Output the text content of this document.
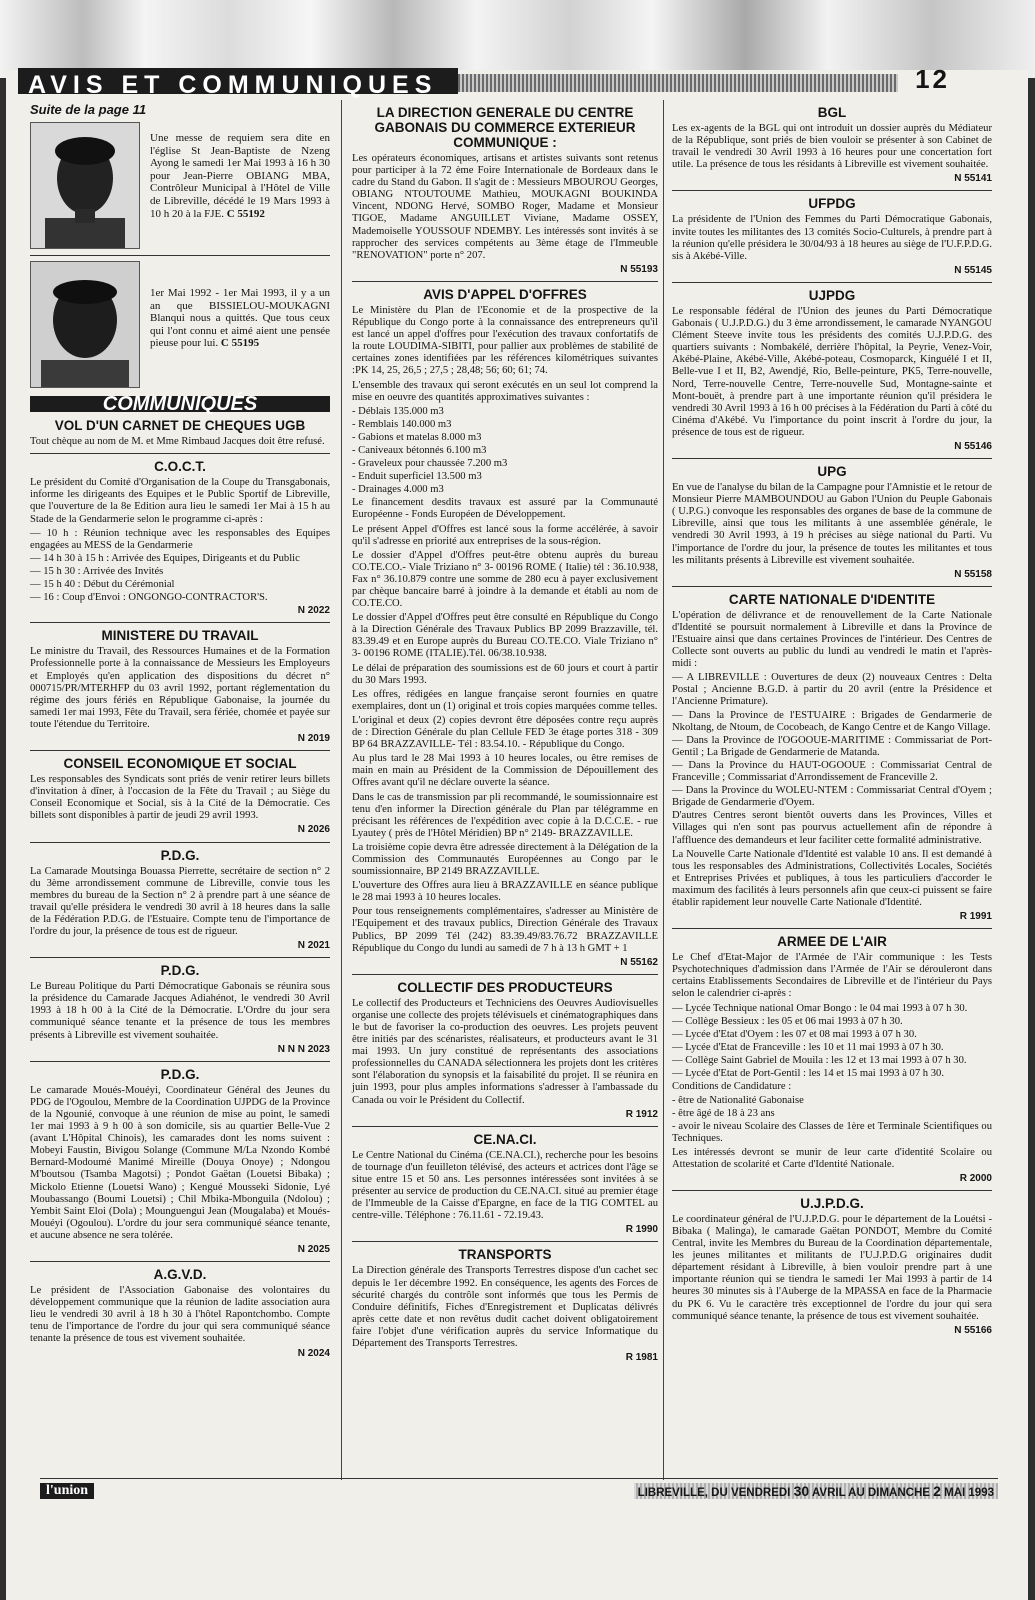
AVIS ET COMMUNIQUES	12
Suite de la page 11
Une messe de requiem sera dite en l'église St Jean-Baptiste de Nzeng Ayong le samedi 1er Mai 1993 à 16 h 30 pour Jean-Pierre OBIANG MBA, Contrôleur Municipal à l'Hôtel de Ville de Libreville, décédé le 19 Mars 1993 à 10 h 20 à la FJE. C 55192
1er Mai 1992 - 1er Mai 1993, il y a un an que BISSIELOU-MOUKAGNI Blanqui nous a quittés. Que tous ceux qui l'ont connu et aimé aient une pensée pieuse pour lui. C 55195
COMMUNIQUÉS
VOL D'UN CARNET DE CHEQUES UGB

Tout chèque au nom de M. et Mme Rimbaud Jacques doit être refusé.

C.O.C.T.

Le président du Comité d'Organisation de la Coupe du Transgabonais, informe les dirigeants des Equipes et le Public Sportif de Libreville, que l'ouverture de la 8e Edition aura lieu le samedi 1er Mai à 15 h au Stade de la Gendarmerie selon le programme ci-après :

— 10 h : Réunion technique avec les responsables des Equipes engagées au MESS de la Gendarmerie
— 14 h 30 à 15 h : Arrivée des Equipes, Dirigeants et du Public
— 15 h 30 : Arrivée des Invités
— 15 h 40 : Début du Cérémonial
— 16 : Coup d'Envoi : ONGONGO-CONTRACTOR'S.
N 2022
MINISTERE DU TRAVAIL

Le ministre du Travail, des Ressources Humaines et de la Formation Professionnelle porte à la connaissance de Messieurs les Employeurs et Employés qu'en application des dispositions du décret n° 000715/PR/MTERHFP du 03 avril 1992, portant réglementation du régime des jours fériés en République Gabonaise, la journée du samedi 1er mai 1993, Fête du Travail, sera fériée, chomée et payée sur toute l'étendue du Territoire.

N 2019
CONSEIL ECONOMIQUE ET SOCIAL

Les responsables des Syndicats sont priés de venir retirer leurs billets d'invitation à dîner, à l'occasion de la Fête du Travail ; au Siège du Conseil Economique et Social, sis à la Cité de la Démocratie. Ces billets sont disponibles à partir de jeudi 29 avril 1993.

N 2026
P.D.G.

La Camarade Moutsinga Bouassa Pierrette, secrétaire de section n° 2 du 3ème arrondissement commune de Libreville, convie tous les membres du bureau de la Section n° 2 à prendre part à une séance de travail qu'elle présidera le vendredi 30 avril à 18 heures dans la salle de la Fédération P.D.G. de l'Estuaire. Compte tenu de l'importance de l'ordre du jour, la présence de tous est de rigueur.

N 2021
P.D.G.

Le Bureau Politique du Parti Démocratique Gabonais se réunira sous la présidence du Camarade Jacques Adiahénot, le vendredi 30 Avril 1993 à 18 h 00 à la Cité de la Démocratie. L'Ordre du jour sera communiqué séance tenante et la présence de tous les membres présents à Libreville est vivement souhaitée.

N N N 2023
P.D.G.

Le camarade Moués-Mouéyi, Coordinateur Général des Jeunes du PDG de l'Ogoulou, Membre de la Coordination UJPDG de la Province de la Ngounié, convoque à une réunion de mise au point, le samedi 1er mai 1993 à 9 h 00 à son domicile, sis au quartier Belle-Vue 2 (avant L'Hôpital Chinois), les camarades dont les noms suivent : Mobeyi Faustin, Bivigou Solange (Commune M/La Nzondo Kombé Bernard-Modoumé Manimé Mireille (Douya Onoye) ; Ndongou M'boutsou (Tsamba Magotsi) ; Pondot Gaëtan (Louetsi Bibaka) ; Mickolo Etienne (Louetsi Wano) ; Kengué Mousseki Sidonie, Lyé Moubassango (Boumi Louetsi) ; Chil Mbika-Mbonguila (Ndolou) ; Yembit Saint Eloi (Dola) ; Mounguengui Jean (Mougalaba) et Moués-Mouéyi (Ogoulou). L'ordre du jour sera communiqué séance tenante, et aucune absence ne sera tolérée.

N 2025
A.G.V.D.

Le président de l'Association Gabonaise des volontaires du développement communique que la réunion de ladite association aura lieu le vendredi 30 avril à 18 h 30 à l'hôtel Rapontchombo. Compte tenu de l'importance de l'ordre du jour qui sera communiqué séance tenante la présence de tous est vivement souhaitée.

N 2024
LA DIRECTION GENERALE DU CENTRE GABONAIS DU COMMERCE EXTERIEUR COMMUNIQUE :

Les opérateurs économiques, artisans et artistes suivants sont retenus pour participer à la 72 ème Foire Internationale de Bordeaux dans le cadre du Stand du Gabon. Il s'agit de : Messieurs MBOUROU Georges, OBIANG NTOUTOUME Mathieu, MOUKAGNI BOUKINDA Vincent, NDONG Hervé, SOMBO Roger, Madame et Monsieur TIGOE, Madame ANGUILLET Viviane, Madame OSSEY, Mademoiselle YOUSSOUF NDEMBY. Les intéressés sont invités à se rapprocher des services compétents au 3ème étage de l'Immeuble "RENOVATION" porte n° 207.

N 55193
AVIS D'APPEL D'OFFRES

Le Ministère du Plan de l'Economie et de la prospective de la République du Congo porte à la connaissance des entrepreneurs qu'il est lancé un appel d'offres pour l'exécution des travaux confortatifs de la route LOUDIMA-SIBITI, pour pallier aux problèmes de stabilité de certaines zones identifiées par les références kilométriques suivantes :PK 14, 25, 26,5 ; 27,5 ; 28,48; 56; 60; 61; 74.

L'ensemble des travaux qui seront exécutés en un seul lot comprend la mise en oeuvre des quantités approximatives suivantes :

- Déblais 135.000 m3
- Remblais 140.000 m3
- Gabions et matelas 8.000 m3
- Caniveaux bétonnés 6.100 m3
- Graveleux pour chaussée 7.200 m3
- Enduit superficiel 13.500 m3
- Drainages 4.000 m3

Le financement desdits travaux est assuré par la Communauté Européenne - Fonds Européen de Développement.

Le présent Appel d'Offres est lancé sous la forme accélérée, à savoir qu'il s'adresse en priorité aux entreprises de la sous-région.

Le dossier d'Appel d'Offres peut-être obtenu auprès du bureau CO.TE.CO.- Viale Triziano n° 3- 00196 ROME ( Italie) tél : 36.10.938, Fax n° 36.10.879 contre une somme de 280 ecu à payer exclusivement par chèque bancaire barré à joindre à la demande et établi au nom de CO.TE.CO.

Le dossier d'Appel d'Offres peut être consulté en République du Congo à la Direction Générale des Travaux Publics BP 2099 Brazzaville, tél. 83.39.49 et en Europe auprès du Bureau CO.TE.CO. Viale Triziano n° 3- 00196 ROME (ITALIE).Tél. 06/38.10.938.

Le délai de préparation des soumissions est de 60 jours et court à partir du 30 Mars 1993.

Les offres, rédigées en langue française seront fournies en quatre exemplaires, dont un (1) original et trois copies marquées comme telles.

L'original et deux (2) copies devront être déposées contre reçu auprès de : Direction Générale du plan Cellule FED 3e étage portes 318 - 309 BP 64 BRAZZAVILLE- Tél : 83.54.10. - République du Congo.

Au plus tard le 28 Mai 1993 à 10 heures locales, ou être remises de main en main au Président de la Commission de Dépouillement des Offres avant qu'il ne déclare ouverte la séance.

Dans le cas de transmission par pli recommandé, le soumissionnaire est tenu d'en informer la Direction générale du Plan par télégramme en précisant les références de l'expédition avec copie à la D.C.C.E. - rue Lyautey ( près de l'Hôtel Méridien) BP n° 2149- BRAZZAVILLE.

La troisième copie devra être adressée directement à la Délégation de la Commission des Communautés Européennes au Congo par le soumissionnaire, BP 2149 BRAZZAVILLE.

L'ouverture des Offres aura lieu à BRAZZAVILLE en séance publique le 28 mai 1993 à 10 heures locales.

Pour tous renseignements complémentaires, s'adresser au Ministère de l'Equipement et des travaux publics, Direction Générale des Travaux Publics, BP 2099 Tél (242) 83.39.49/83.76.72 BRAZZAVILLE République du Congo du lundi au samedi de 7 h à 13 h GMT + 1

N 55162
COLLECTIF DES PRODUCTEURS

Le collectif des Producteurs et Techniciens des Oeuvres Audiovisuelles organise une collecte des projets télévisuels et cinématographiques dans le but de favoriser la co-production des oeuvres. Les projets peuvent être initiés par des scénaristes, réalisateurs, et producteurs avant le 31 mai 1993. Un jury constitué de représentants des associations professionnelles du CANADA sélectionnera les projets dont les critères sont l'élaboration du synopsis et la faisabilité du projet. Il se réunira en juin 1993, pour plus amples informations s'adresser à l'ambassade du Canada ou voir le Président du Collectif.

R 1912
CE.NA.CI.

Le Centre National du Cinéma (CE.NA.CI.), recherche pour les besoins de tournage d'un feuilleton télévisé, des acteurs et actrices dont l'âge se situe entre 15 et 50 ans. Les personnes intéressées sont invitées à se présenter au service de production du CE.NA.CI. situé au premier étage de l'Immeuble de la Caisse d'Epargne, en face de la TIG COMTEL au centre-ville. Téléphone : 76.11.61 - 72.19.43.

R 1990
TRANSPORTS

La Direction générale des Transports Terrestres dispose d'un cachet sec depuis le 1er décembre 1992. En conséquence, les agents des Forces de sécurité chargés du contrôle sont informés que tous les Permis de Conduire définitifs, Fiches d'Enregistrement et Duplicatas délivrés après cette date et non revêtus dudit cachet doivent obligatoirement faire l'objet d'une vérification auprès du service Informatique du Département des Transports Terrestres.

R 1981
BGL

Les ex-agents de la BGL qui ont introduit un dossier auprès du Médiateur de la République, sont priés de bien vouloir se présenter à son Cabinet de travail le vendredi 30 Avril 1993 à 16 heures pour une concertation fort utile. La présence de tous les résidants à Libreville est vivement souhaitée.

N 55141
UFPDG

La présidente de l'Union des Femmes du Parti Démocratique Gabonais, invite toutes les militantes des 13 comités Socio-Culturels, à prendre part à la réunion qu'elle présidera le 30/04/93 à 18 heures au siège de l'U.F.P.D.G. sis à Akébé-Ville.

N 55145
UJPDG

Le responsable fédéral de l'Union des jeunes du Parti Démocratique Gabonais ( U.J.P.D.G.) du 3 ème arrondissement, le camarade NYANGOU Clément Steeve invite tous les présidents des comités U.J.P.D.G. des quartiers suivants : Nombakélé, derrière l'hôpital, la Peyrie, Venez-Voir, Akébé-Plaine, Akébé-Ville, Akébé-poteau, Cosmoparck, Kinguélé I et II, Belle-vue I et II, B2, Awendjé, Rio, Belle-peinture, PK5, Terre-nouvelle, Nord, Terre-nouvelle Centre, Terre-nouvelle Sud, Montagne-sainte et Mont-bouët, à prendre part à une importante réunion qu'il présidera le vendredi 30 Avril 1993 à 16 h 00 précises à la Fédération du Parti à côté du Cinéma d'Akébé. Vu l'importance du point inscrit à l'ordre du jour, la présence de tous est de rigueur.

N 55146
UPG

En vue de l'analyse du bilan de la Campagne pour l'Amnistie et le retour de Monsieur Pierre MAMBOUNDOU au Gabon l'Union du Peuple Gabonais ( U.P.G.) convoque les responsables des organes de base de la commune de Libreville, ainsi que tous les militants à une assemblée générale, le vendredi 30 Avril 1993, à 19 h précises au siège national du Parti. Vu l'importance de l'ordre du jour, la présence de toutes les militantes et tous les militants présents à Libreville est vivement souhaitée.

N 55158
CARTE NATIONALE D'IDENTITE

L'opération de délivrance et de renouvellement de la Carte Nationale d'Identité se poursuit normalement à Libreville et dans la Province de l'Estuaire ainsi que dans certaines Provinces de l'intérieur. Des Centres de Collecte sont ouverts au public du lundi au vendredi le matin et l'après-midi :

— A LIBREVILLE : Ouvertures de deux (2) nouveaux Centres : Delta Postal ; Ancienne B.G.D. à partir du 20 avril (entre la Présidence et l'Ancienne Primature).
— Dans la Province de l'ESTUAIRE : Brigades de Gendarmerie de Nkoltang, de Ntoum, de Cocobeach, de Kango Centre et de Kango Village.
— Dans la Province de l'OGOOUE-MARITIME : Commissariat de Port-Gentil ; La Brigade de Gendarmerie de Matanda.
— Dans la Province du HAUT-OGOOUE : Commissariat Central de Franceville ; Commissariat d'Arrondissement de Franceville 2.
— Dans la Province du WOLEU-NTEM : Commissariat Central d'Oyem ; Brigade de Gendarmerie d'Oyem.

D'autres Centres seront bientôt ouverts dans les Provinces, Villes et Villages qui n'en sont pas pourvus actuellement afin de répondre à l'affluence des demandeurs et leur faciliter cette formalité administrative.

La Nouvelle Carte Nationale d'Identité est valable 10 ans. Il est demandé à tous les responsables des Administrations, Collectivités Locales, Sociétés et Entreprises Privées et publiques, à tous les particuliers d'accorder le maximum des facilités à leurs personnels afin que ceux-ci puissent se faire établir rapidement leur nouvelle Carte Nationale d'Identité.

R 1991
ARMEE DE L'AIR

Le Chef d'Etat-Major de l'Armée de l'Air communique : les Tests Psychotechniques d'admission dans l'Armée de l'Air se dérouleront dans certains Etablissements Secondaires de Libreville et de l'intérieur du Pays selon le calendrier ci-après :

— Lycée Technique national Omar Bongo : le 04 mai 1993 à 07 h 30.
— Collège Bessieux : les 05 et 06 mai 1993 à 07 h 30.
— Lycée d'Etat d'Oyem : les 07 et 08 mai 1993 à 07 h 30.
— Lycée d'Etat de Franceville : les 10 et 11 mai 1993 à 07 h 30.
— Collège Saint Gabriel de Mouila : les 12 et 13 mai 1993 à 07 h 30.
— Lycée d'Etat de Port-Gentil : les 14 et 15 mai 1993 à 07 h 30.

Conditions de Candidature :

- être de Nationalité Gabonaise
- être âgé de 18 à 23 ans
- avoir le niveau Scolaire des Classes de 1ère et Terminale Scientifiques ou Techniques.

Les intéressés devront se munir de leur carte d'identité Scolaire ou Attestation de scolarité et Carte d'Identité Nationale.

R 2000
U.J.P.D.G.

Le coordinateur général de l'U.J.P.D.G. pour le département de la Louétsi - Bibaka ( Malinga), le camarade Gaëtan PONDOT, Membre du Comité Central, invite les Membres du Bureau de la Coordination départementale, les jeunes militantes et militants de l'U.J.P.D.G originaires dudit département résidant à Libreville, à bien vouloir prendre part à une importante réunion qui se tiendra le samedi 1er Mai 1993 à partir de 14 heures 30 minutes sis à l'Auberge de la MPASSA en face de la Pharmacie du PK 6. Vu le caractère très exceptionnel de l'ordre du jour qui sera communiqué séance tenante, la présence de tous est vivement souhaitée.

N 55166
l'union	LIBREVILLE, DU VENDREDI 30 AVRIL AU DIMANCHE 2 MAI 1993
